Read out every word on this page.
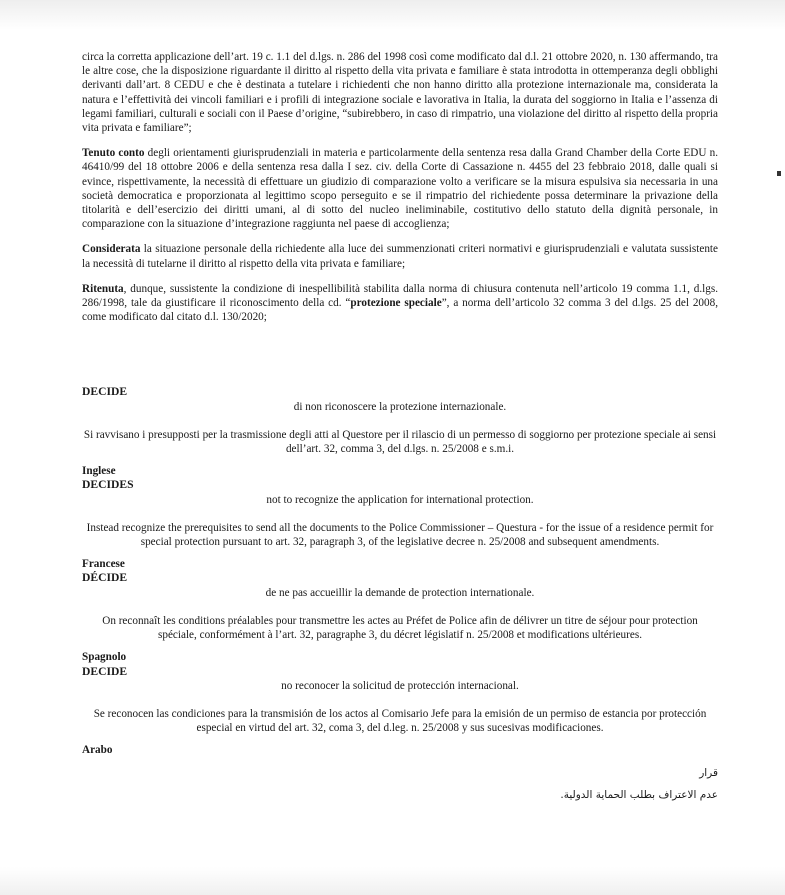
circa la corretta applicazione dell’art. 19 c. 1.1 del d.lgs. n. 286 del 1998 così come modificato dal d.l. 21 ottobre 2020, n. 130 affermando, tra le altre cose, che la disposizione riguardante il diritto al rispetto della vita privata e familiare è stata introdotta in ottemperanza degli obblighi derivanti dall’art. 8 CEDU e che è destinata a tutelare i richiedenti che non hanno diritto alla protezione internazionale ma, considerata la natura e l’effettività dei vincoli familiari e i profili di integrazione sociale e lavorativa in Italia, la durata del soggiorno in Italia e l’assenza di legami familiari, culturali e sociali con il Paese d’origine, “subirebbero, in caso di rimpatrio, una violazione del diritto al rispetto della propria vita privata e familiare”;

Tenuto conto degli orientamenti giurisprudenziali in materia e particolarmente della sentenza resa dalla Grand Chamber della Corte EDU n. 46410/99 del 18 ottobre 2006 e della sentenza resa dalla I sez. civ. della Corte di Cassazione n. 4455 del 23 febbraio 2018, dalle quali si evince, rispettivamente, la necessità di effettuare un giudizio di comparazione volto a verificare se la misura espulsiva sia necessaria in una società democratica e proporzionata al legittimo scopo perseguito e se il rimpatrio del richiedente possa determinare la privazione della titolarità e dell’esercizio dei diritti umani, al di sotto del nucleo ineliminabile, costitutivo dello statuto della dignità personale, in comparazione con la situazione d’integrazione raggiunta nel paese di accoglienza;

Considerata la situazione personale della richiedente alla luce dei summenzionati criteri normativi e giurisprudenziali e valutata sussistente la necessità di tutelarne il diritto al rispetto della vita privata e familiare;

Ritenuta, dunque, sussistente la condizione di inespellibilità stabilita dalla norma di chiusura contenuta nell’articolo 19 comma 1.1, d.lgs. 286/1998, tale da giustificare il riconoscimento della cd. “protezione speciale”, a norma dell’articolo 32 comma 3 del d.lgs. 25 del 2008, come modificato dal citato d.l. 130/2020;

DECIDE

di non riconoscere la protezione internazionale.

Si ravvisano i presupposti per la trasmissione degli atti al Questore per il rilascio di un permesso di soggiorno per protezione speciale ai sensi dell’art. 32, comma 3, del d.lgs. n. 25/2008 e s.m.i.

Inglese

DECIDES

not to recognize the application for international protection.

Instead recognize the prerequisites to send all the documents to the Police Commissioner – Questura - for the issue of a residence permit for special protection pursuant to art. 32, paragraph 3, of the legislative decree n. 25/2008 and subsequent amendments.

Francese

DÉCIDE

de ne pas accueillir la demande de protection internationale.

On reconnaît les conditions préalables pour transmettre les actes au Préfet de Police afin de délivrer un titre de séjour pour protection spéciale, conformément à l’art. 32, paragraphe 3, du décret législatif n. 25/2008 et modifications ultérieures.

Spagnolo

DECIDE

no reconocer la solicitud de protección internacional.

Se reconocen las condiciones para la transmisión de los actos al Comisario Jefe para la emisión de un permiso de estancia por protección especial en virtud del art. 32, coma 3, del d.leg. n. 25/2008 y sus sucesivas modificaciones.

Arabo

قرار

عدم الاعتراف بطلب الحماية الدولية.
